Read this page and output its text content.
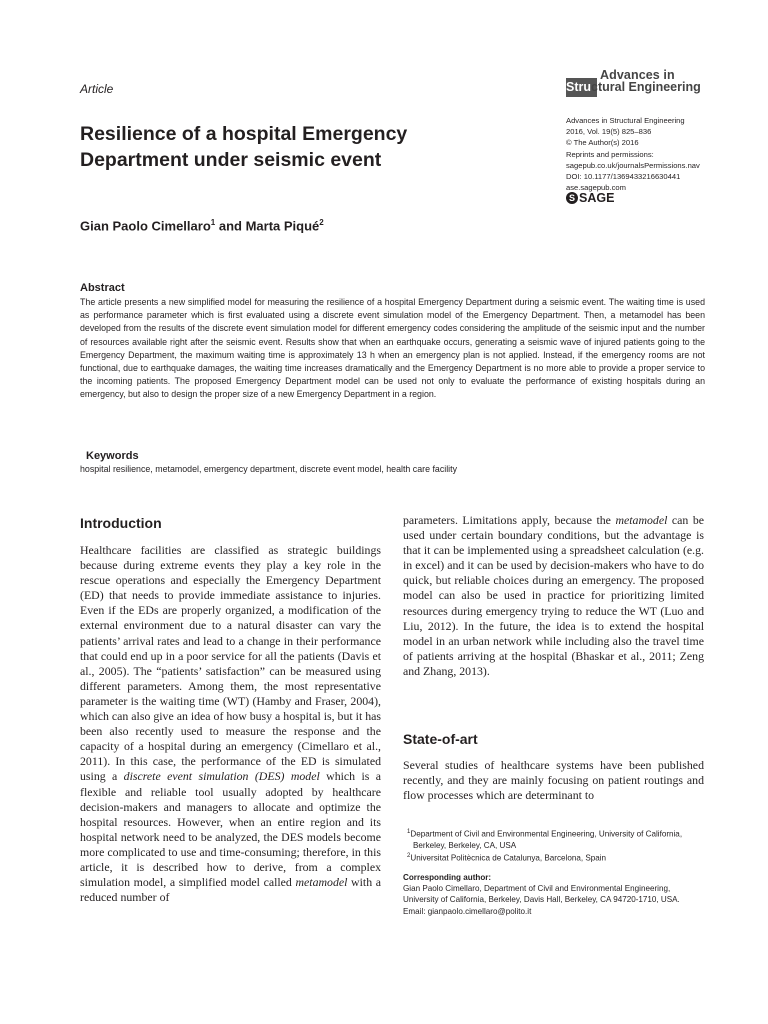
Article
Advances in
Structural Engineering
Advances in Structural Engineering
2016, Vol. 19(5) 825–836
© The Author(s) 2016
Reprints and permissions:
sagepub.co.uk/journalsPermissions.nav
DOI: 10.1177/1369433216630441
ase.sagepub.com
S SAGE
Resilience of a hospital Emergency Department under seismic event
Gian Paolo Cimellaro$^1$ and Marta Piqué$^2$
Abstract
The article presents a new simplified model for measuring the resilience of a hospital Emergency Department during a seismic event. The waiting time is used as performance parameter which is first evaluated using a discrete event simulation model of the Emergency Department. Then, a metamodel has been developed from the results of the discrete event simulation model for different emergency codes considering the amplitude of the seismic input and the number of resources available right after the seismic event. Results show that when an earthquake occurs, generating a seismic wave of injured patients going to the Emergency Department, the maximum waiting time is approximately 13 h when an emergency plan is not applied. Instead, if the emergency rooms are not functional, due to earthquake damages, the waiting time increases dramatically and the Emergency Department is no more able to provide a proper service to the incoming patients. The proposed Emergency Department model can be used not only to evaluate the performance of existing hospitals during an emergency, but also to design the proper size of a new Emergency Department in a region.
Keywords
hospital resilience, metamodel, emergency department, discrete event model, health care facility
Introduction
Healthcare facilities are classified as strategic buildings because during extreme events they play a key role in the rescue operations and especially the Emergency Department (ED) that needs to provide immediate assistance to injuries. Even if the EDs are properly organized, a modification of the external environment due to a natural disaster can vary the patients’ arrival rates and lead to a change in their performance that could end up in a poor service for all the patients (Davis et al., 2005). The “patients’ satisfaction” can be measured using different parameters. Among them, the most representative parameter is the waiting time (WT) (Hamby and Fraser, 2004), which can also give an idea of how busy a hospital is, but it has been also recently used to measure the response and the capacity of a hospital during an emergency (Cimellaro et al., 2011). In this case, the performance of the ED is simulated using a discrete event simulation (DES) model which is a flexible and reliable tool usually adopted by healthcare decision-makers and managers to allocate and optimize the hospital resources. However, when an entire region and its hospital network need to be analyzed, the DES models become more complicated to use and time-consuming; therefore, in this article, it is described how to derive, from a complex simulation model, a simplified model called metamodel with a reduced number of
parameters. Limitations apply, because the metamodel can be used under certain boundary conditions, but the advantage is that it can be implemented using a spreadsheet calculation (e.g. in excel) and it can be used by decision-makers who have to do quick, but reliable choices during an emergency. The proposed model can also be used in practice for prioritizing limited resources during emergency trying to reduce the WT (Luo and Liu, 2012). In the future, the idea is to extend the hospital model in an urban network while including also the travel time of patients arriving at the hospital (Bhaskar et al., 2011; Zeng and Zhang, 2013).
State-of-art
Several studies of healthcare systems have been published recently, and they are mainly focusing on patient routings and flow processes which are determinant to
$^1$Department of Civil and Environmental Engineering, University of California, Berkeley, Berkeley, CA, USA
$^2$Universitat Politècnica de Catalunya, Barcelona, Spain
Corresponding author:
Gian Paolo Cimellaro, Department of Civil and Environmental Engineering, University of California, Berkeley, Davis Hall, Berkeley, CA 94720-1710, USA.
Email: gianpaolo.cimellaro@polito.it
